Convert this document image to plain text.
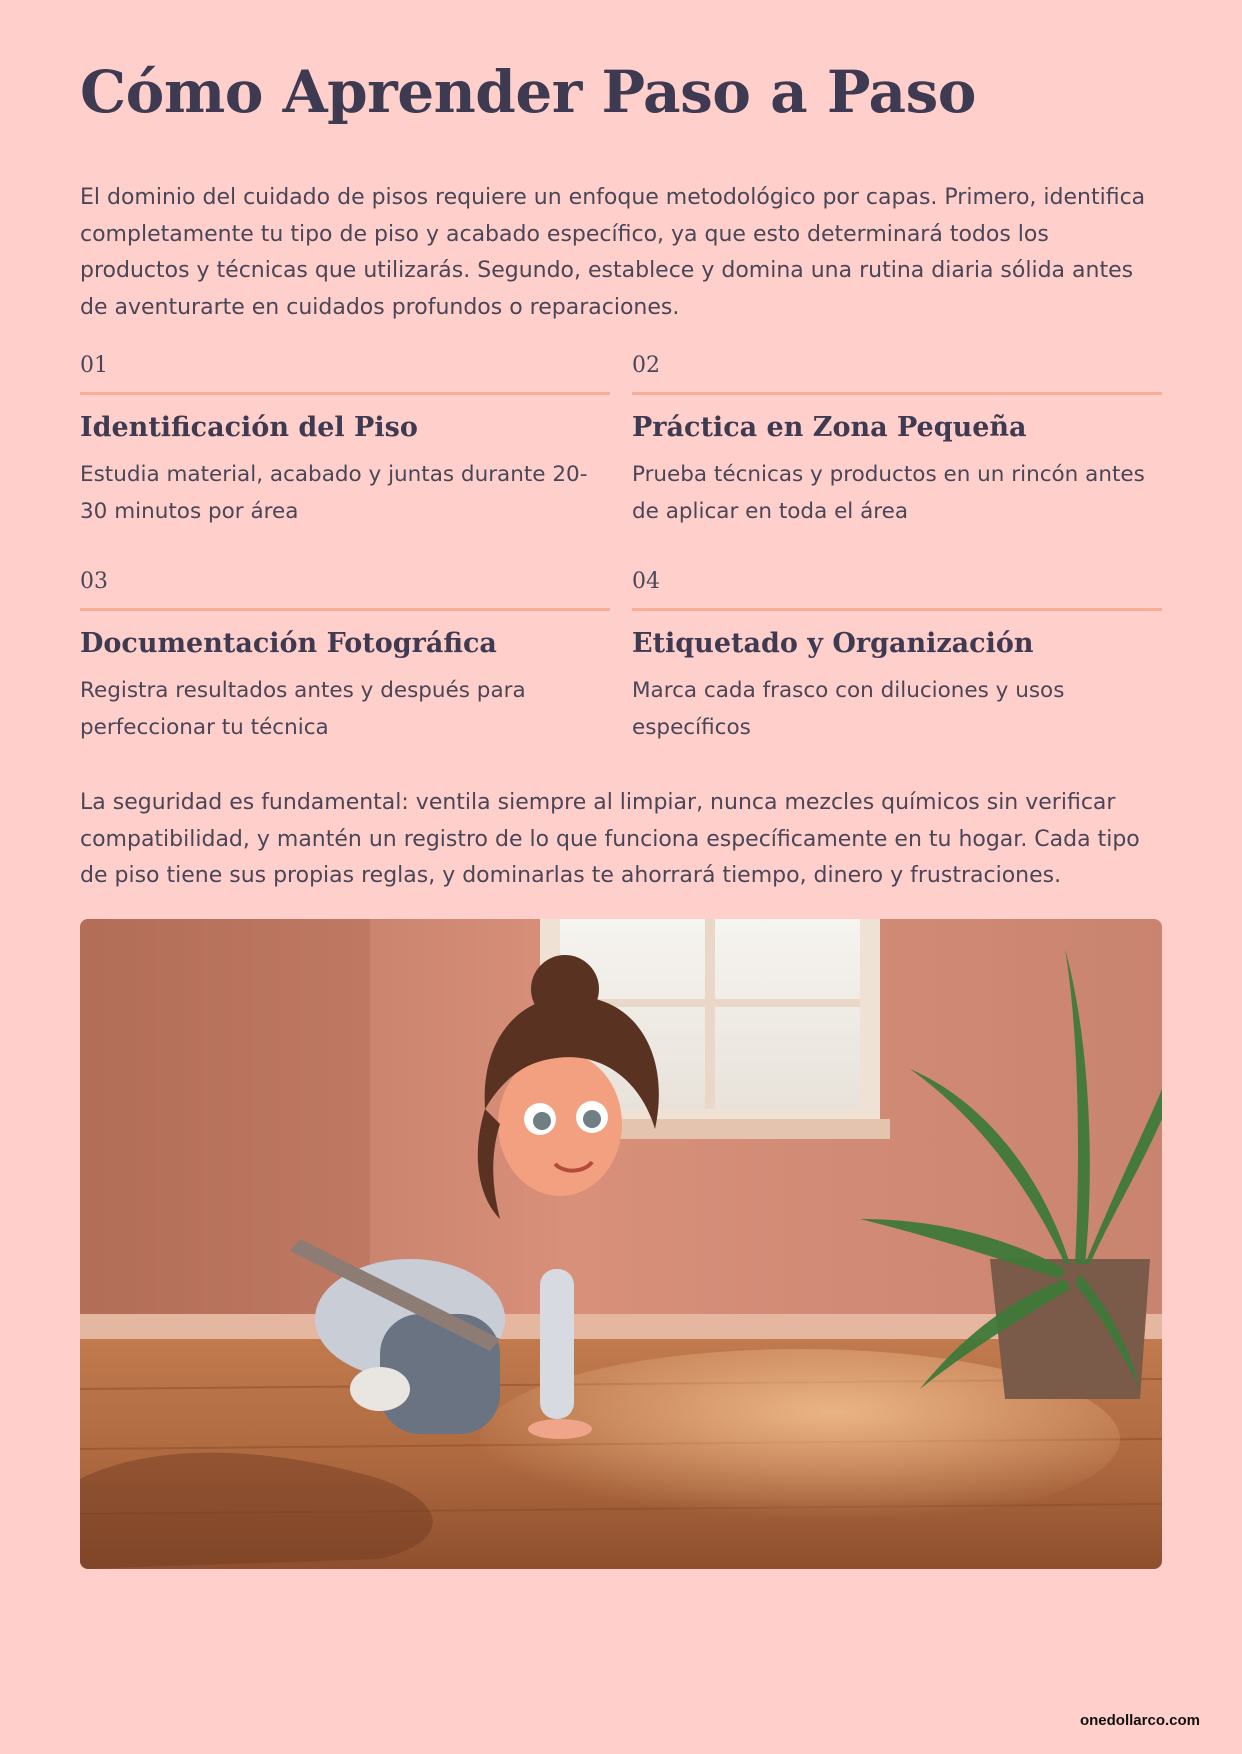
Cómo Aprender Paso a Paso

El dominio del cuidado de pisos requiere un enfoque metodológico por capas. Primero, identifica completamente tu tipo de piso y acabado específico, ya que esto determinará todos los productos y técnicas que utilizarás. Segundo, establece y domina una rutina diaria sólida antes de aventurarte en cuidados profundos o reparaciones.

01
Identificación del Piso

Estudia material, acabado y juntas durante 20-30 minutos por área

02
Práctica en Zona Pequeña

Prueba técnicas y productos en un rincón antes de aplicar en toda el área

03
Documentación Fotográfica

Registra resultados antes y después para perfeccionar tu técnica

04
Etiquetado y Organización

Marca cada frasco con diluciones y usos específicos

La seguridad es fundamental: ventila siempre al limpiar, nunca mezcles químicos sin verificar compatibilidad, y mantén un registro de lo que funciona específicamente en tu hogar. Cada tipo de piso tiene sus propias reglas, y dominarlas te ahorrará tiempo, dinero y frustraciones.

onedollarco.com
